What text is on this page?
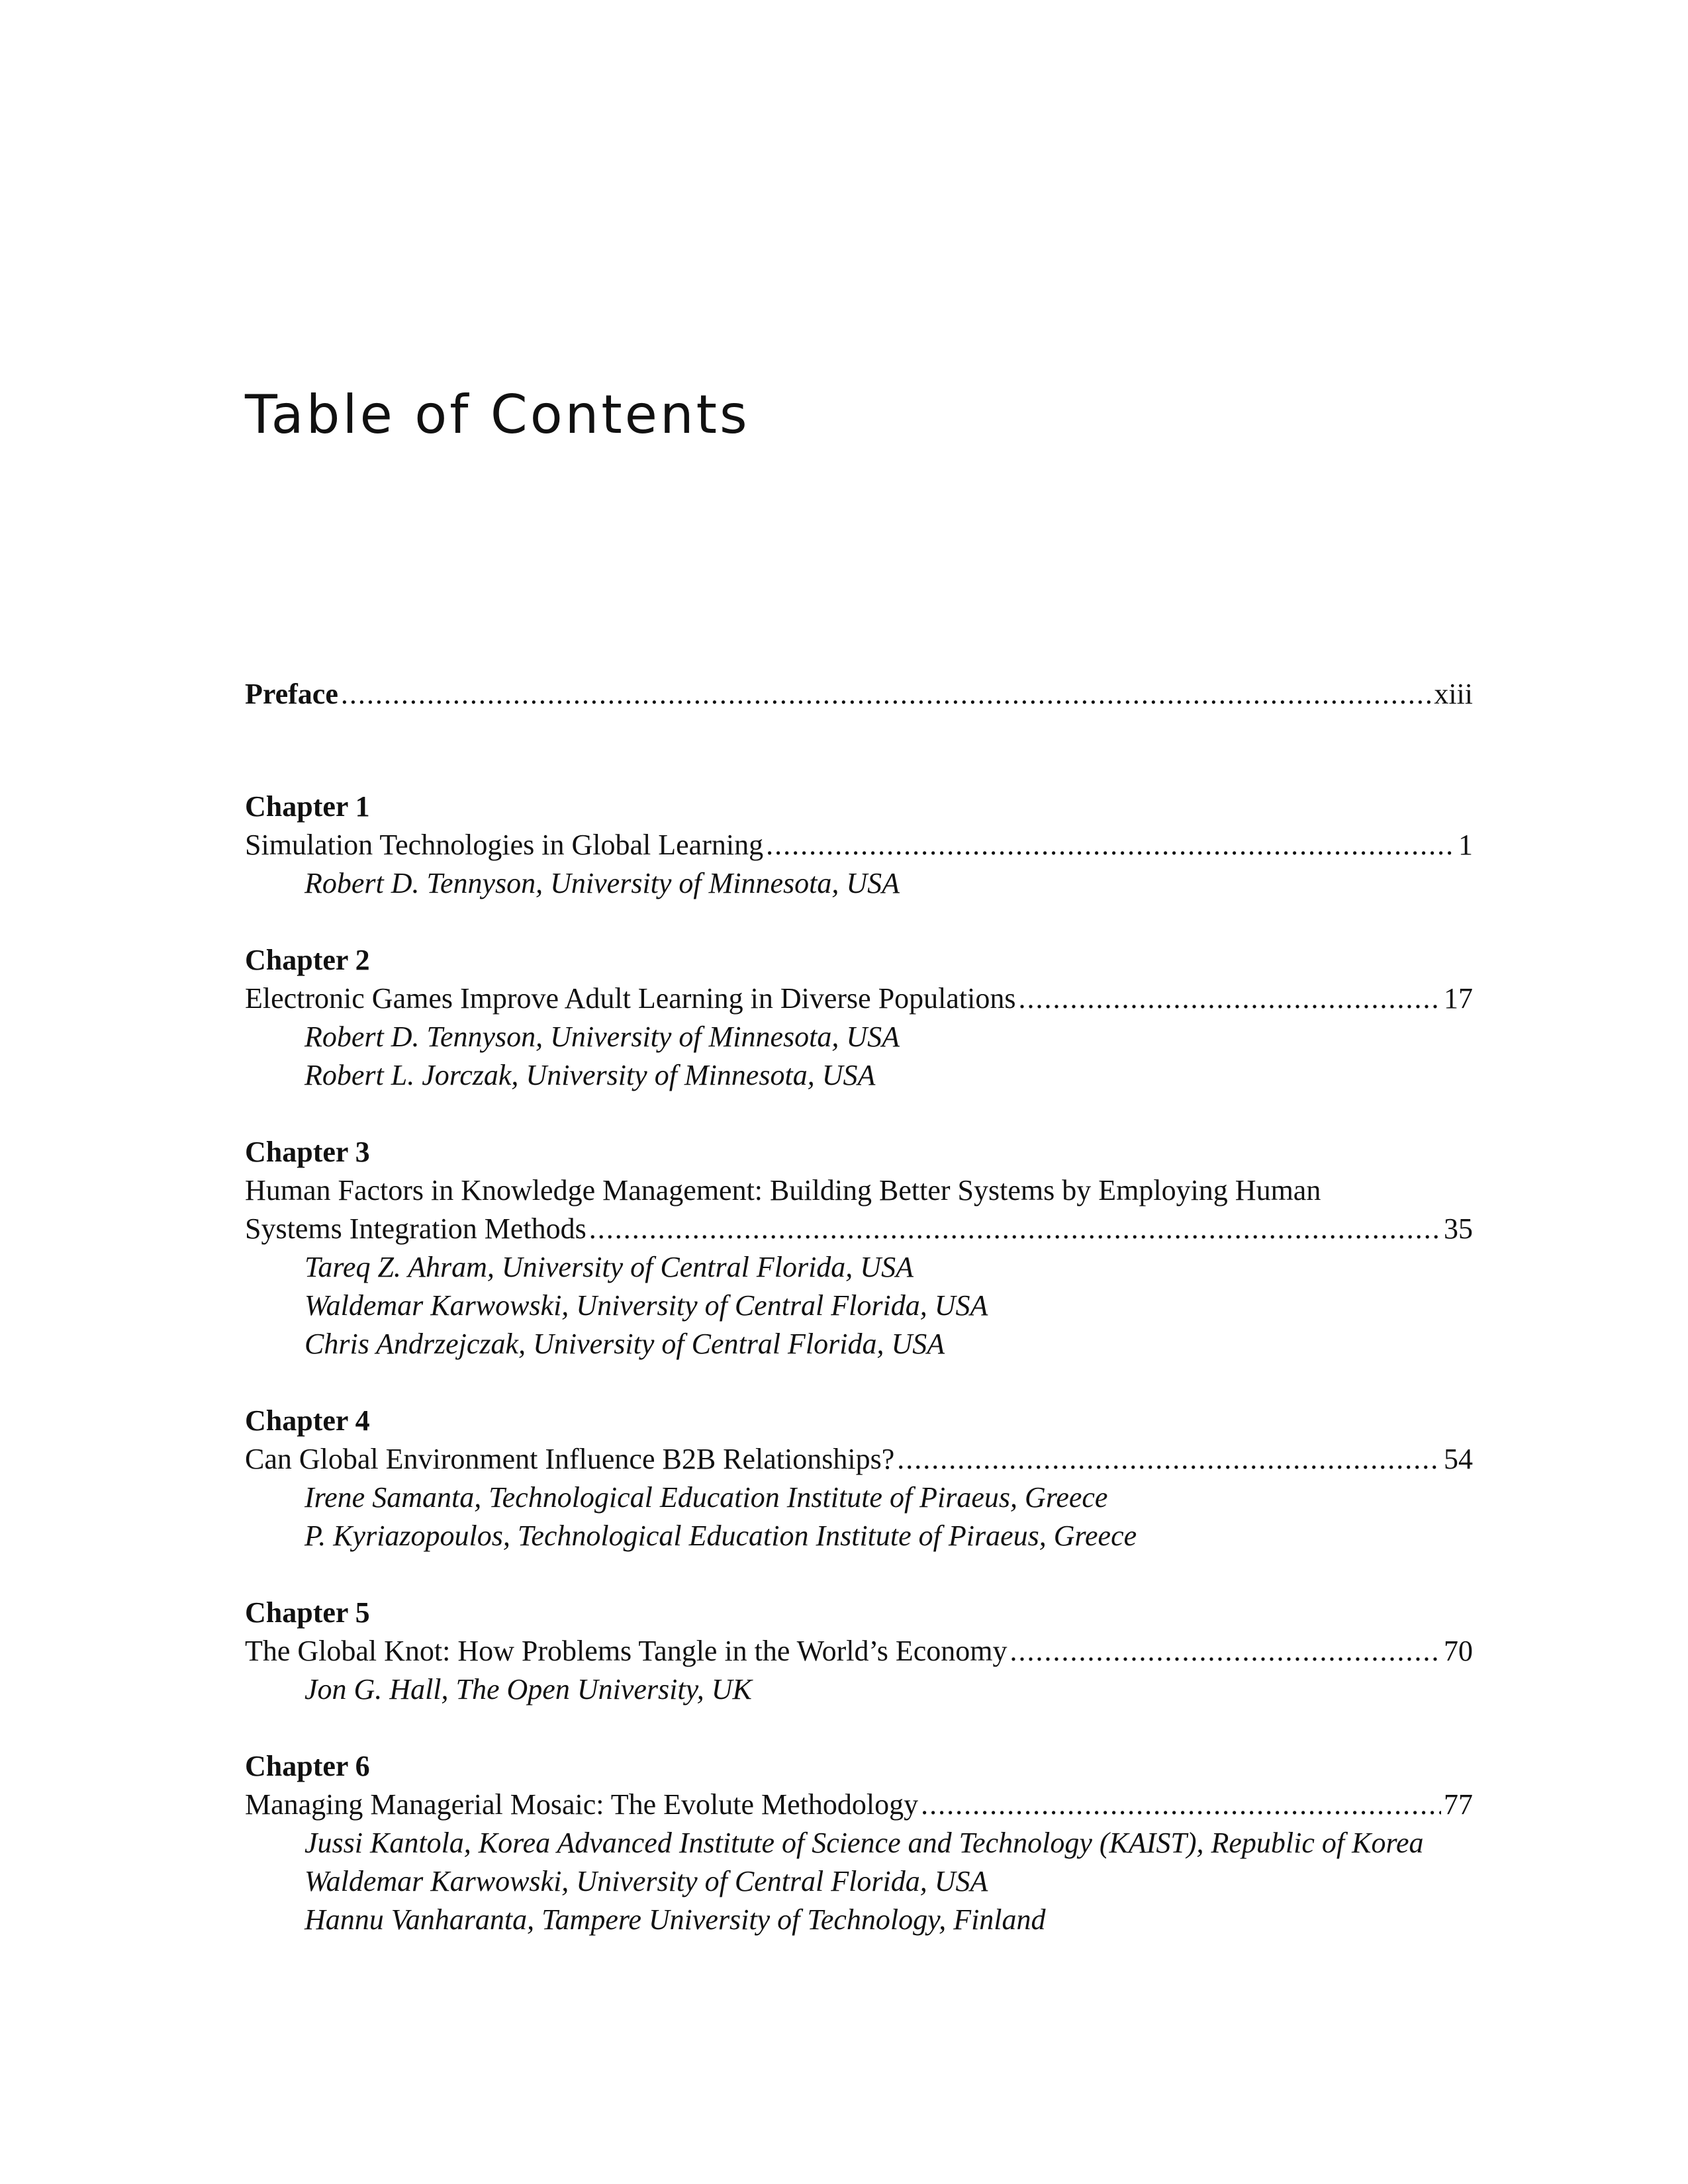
Table of Contents
Preface .....	xiii
Chapter 1
Simulation Technologies in Global Learning .....	1
Robert D. Tennyson, University of Minnesota, USA
Chapter 2
Electronic Games Improve Adult Learning in Diverse Populations .....	17
Robert D. Tennyson, University of Minnesota, USA
Robert L. Jorczak, University of Minnesota, USA
Chapter 3
Human Factors in Knowledge Management: Building Better Systems by Employing Human
Systems Integration Methods .....	35
Tareq Z. Ahram, University of Central Florida, USA
Waldemar Karwowski, University of Central Florida, USA
Chris Andrzejczak, University of Central Florida, USA
Chapter 4
Can Global Environment Influence B2B Relationships? .....	54
Irene Samanta, Technological Education Institute of Piraeus, Greece
P. Kyriazopoulos, Technological Education Institute of Piraeus, Greece
Chapter 5
The Global Knot: How Problems Tangle in the World’s Economy .....	70
Jon G. Hall, The Open University, UK
Chapter 6
Managing Managerial Mosaic: The Evolute Methodology .....	77
Jussi Kantola, Korea Advanced Institute of Science and Technology (KAIST), Republic of Korea
Waldemar Karwowski, University of Central Florida, USA
Hannu Vanharanta, Tampere University of Technology, Finland
